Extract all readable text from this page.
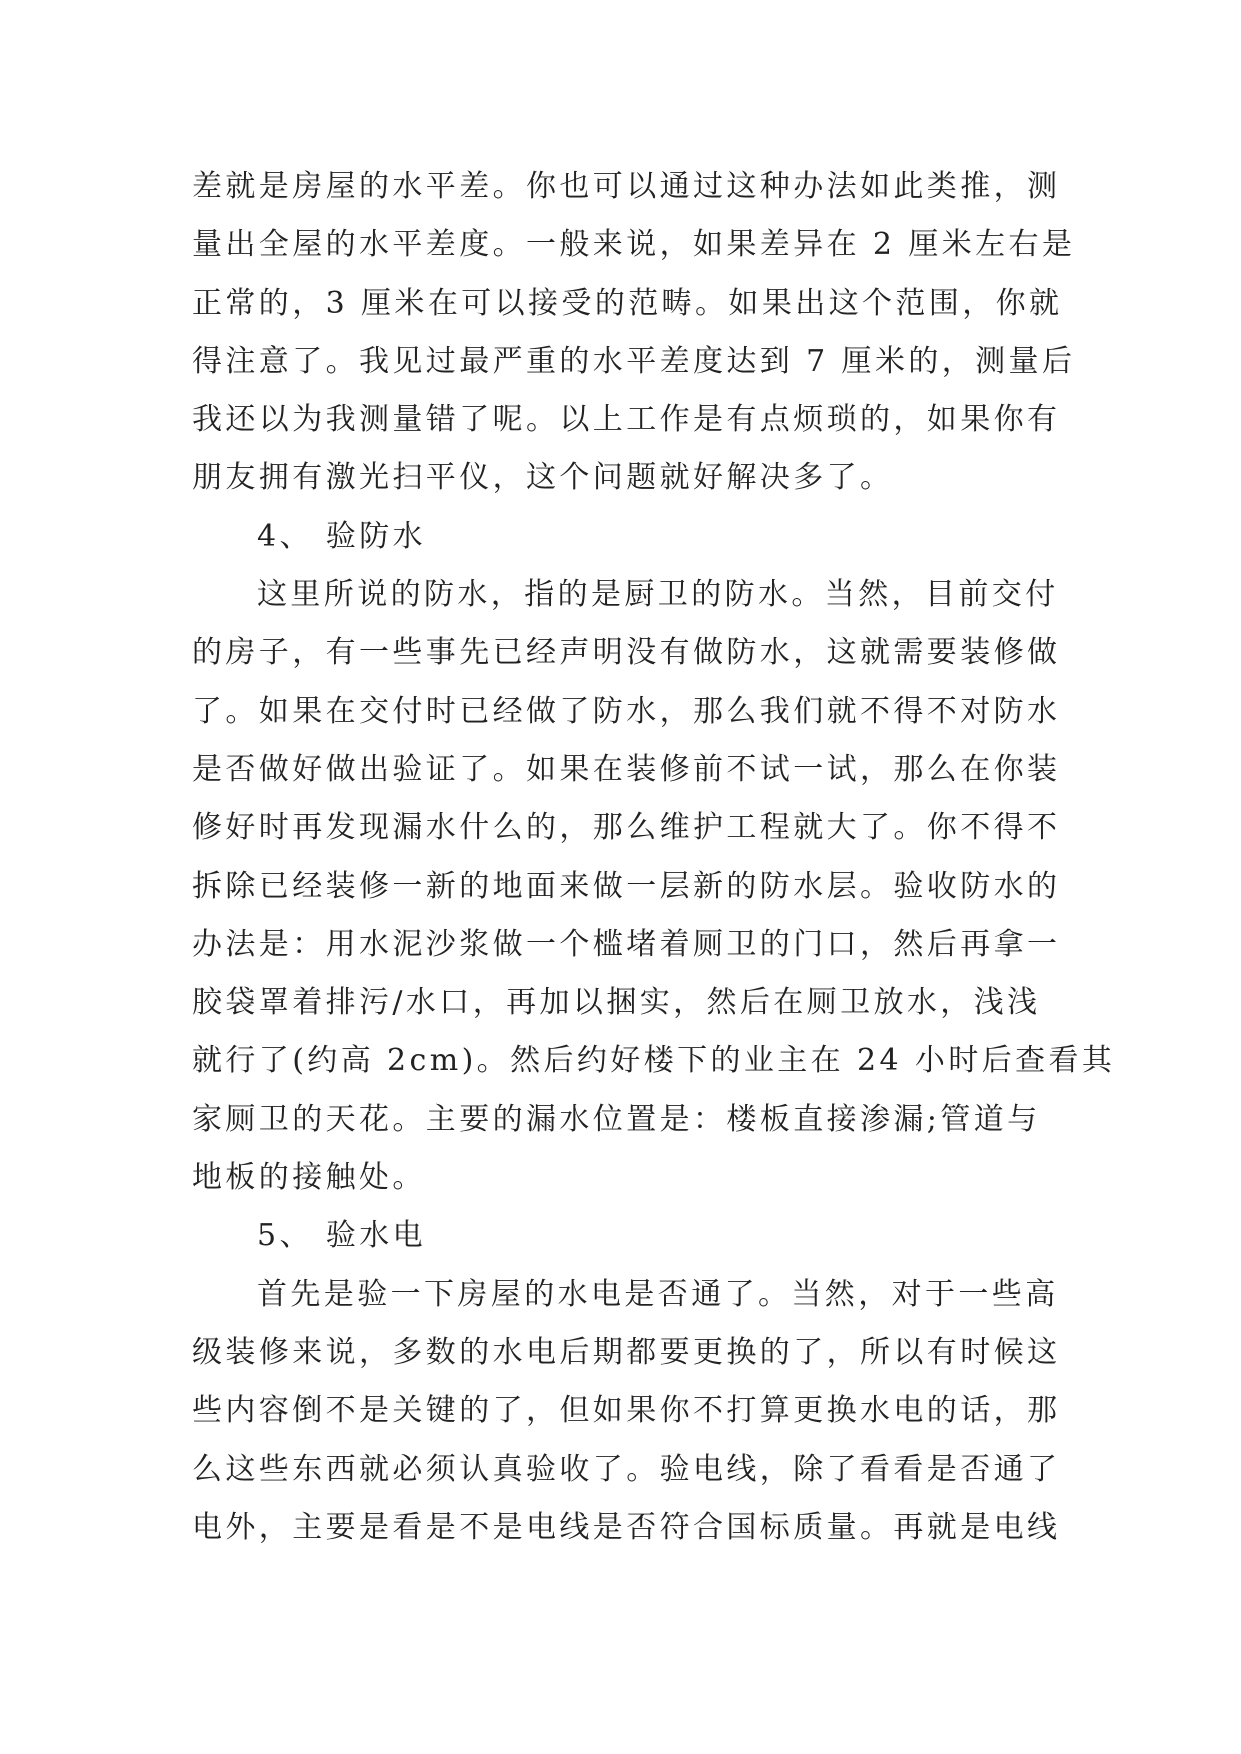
差就是房屋的水平差。你也可以通过这种办法如此类推，测
量出全屋的水平差度。一般来说，如果差异在 2 厘米左右是
正常的，3 厘米在可以接受的范畴。如果出这个范围，你就
得注意了。我见过最严重的水平差度达到 7 厘米的，测量后
我还以为我测量错了呢。以上工作是有点烦琐的，如果你有
朋友拥有激光扫平仪，这个问题就好解决多了。
4、 验防水
这里所说的防水，指的是厨卫的防水。当然，目前交付
的房子，有一些事先已经声明没有做防水，这就需要装修做
了。如果在交付时已经做了防水，那么我们就不得不对防水
是否做好做出验证了。如果在装修前不试一试，那么在你装
修好时再发现漏水什么的，那么维护工程就大了。你不得不
拆除已经装修一新的地面来做一层新的防水层。验收防水的
办法是：用水泥沙浆做一个槛堵着厕卫的门口，然后再拿一
胶袋罩着排污/水口，再加以捆实，然后在厕卫放水，浅浅
就行了(约高 2cm)。然后约好楼下的业主在 24 小时后查看其
家厕卫的天花。主要的漏水位置是：楼板直接渗漏;管道与
地板的接触处。
5、 验水电
首先是验一下房屋的水电是否通了。当然，对于一些高
级装修来说，多数的水电后期都要更换的了，所以有时候这
些内容倒不是关键的了，但如果你不打算更换水电的话，那
么这些东西就必须认真验收了。验电线，除了看看是否通了
电外，主要是看是不是电线是否符合国标质量。再就是电线
